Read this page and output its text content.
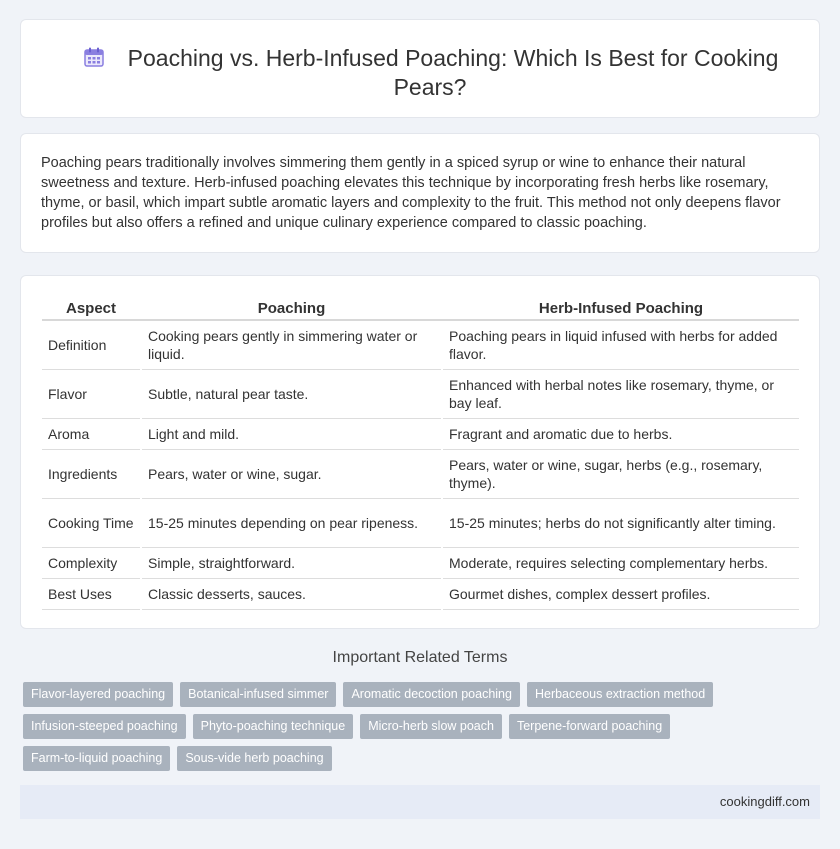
Poaching vs. Herb-Infused Poaching: Which Is Best for Cooking Pears?

Poaching pears traditionally involves simmering them gently in a spiced syrup or wine to enhance their natural sweetness and texture. Herb-infused poaching elevates this technique by incorporating fresh herbs like rosemary, thyme, or basil, which impart subtle aromatic layers and complexity to the fruit. This method not only deepens flavor profiles but also offers a refined and unique culinary experience compared to classic poaching.

Aspect	Poaching	Herb-Infused Poaching
Definition	Cooking pears gently in simmering water or liquid.	Poaching pears in liquid infused with herbs for added flavor.
Flavor	Subtle, natural pear taste.	Enhanced with herbal notes like rosemary, thyme, or bay leaf.
Aroma	Light and mild.	Fragrant and aromatic due to herbs.
Ingredients	Pears, water or wine, sugar.	Pears, water or wine, sugar, herbs (e.g., rosemary, thyme).
Cooking Time	15-25 minutes depending on pear ripeness.	15-25 minutes; herbs do not significantly alter timing.
Complexity	Simple, straightforward.	Moderate, requires selecting complementary herbs.
Best Uses	Classic desserts, sauces.	Gourmet dishes, complex dessert profiles.
Important Related Terms
Flavor-layered poaching	Botanical-infused simmer	Aromatic decoction poaching	Herbaceous extraction method
Infusion-steeped poaching	Phyto-poaching technique	Micro-herb slow poach	Terpene-forward poaching
Farm-to-liquid poaching	Sous-vide herb poaching
cookingdiff.com
